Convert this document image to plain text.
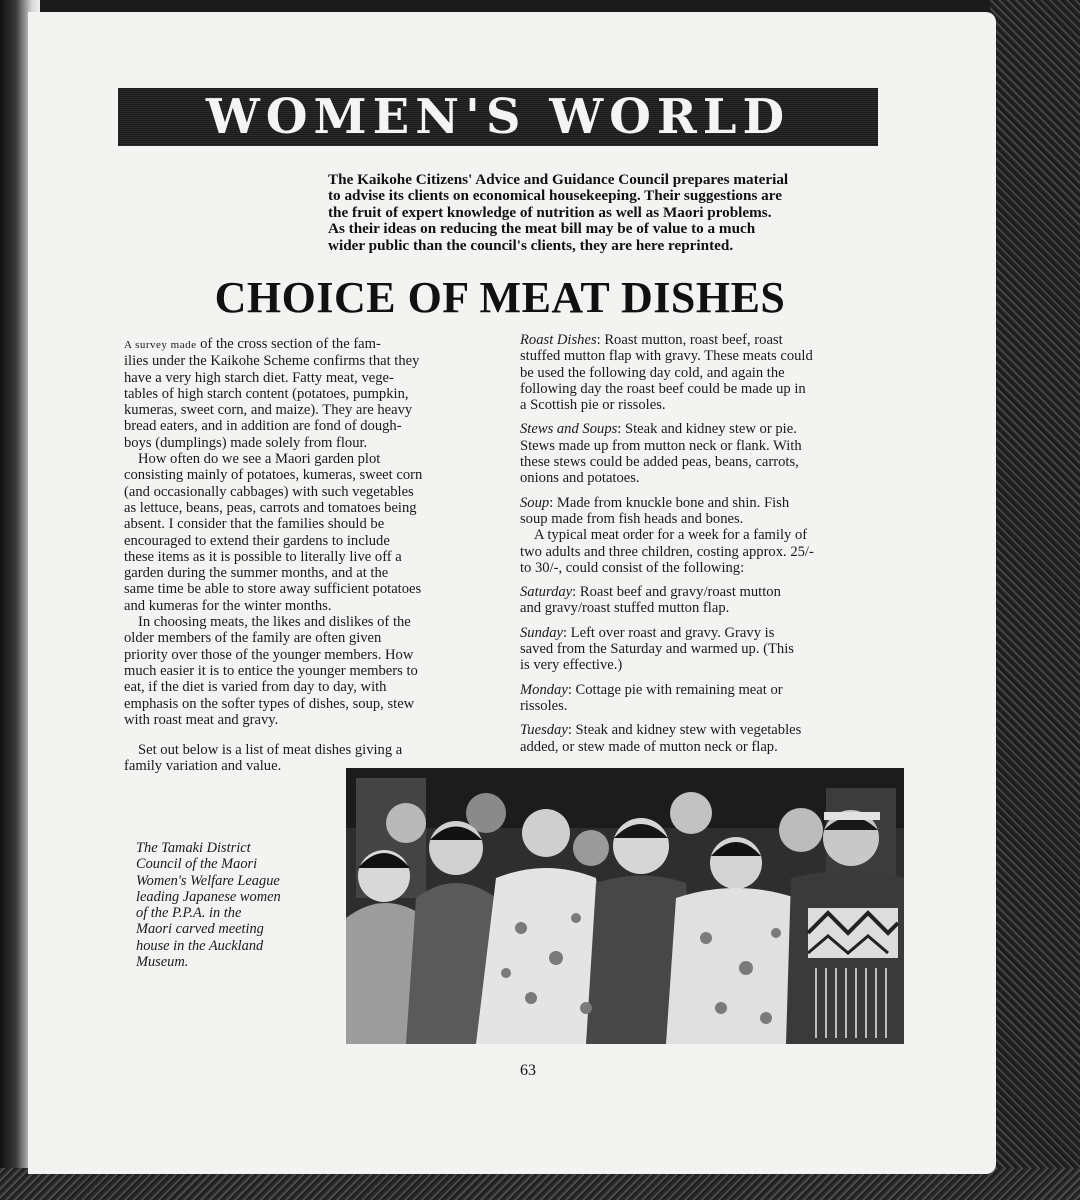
WOMEN'S WORLD
The Kaikohe Citizens' Advice and Guidance Council prepares material
to advise its clients on economical housekeeping. Their suggestions are
the fruit of expert knowledge of nutrition as well as Maori problems.
As their ideas on reducing the meat bill may be of value to a much
wider public than the council's clients, they are here reprinted.
CHOICE OF MEAT DISHES
A survey made of the cross section of the fam-
ilies under the Kaikohe Scheme confirms that they
have a very high starch diet. Fatty meat, vege-
tables of high starch content (potatoes, pumpkin,
kumeras, sweet corn, and maize). They are heavy
bread eaters, and in addition are fond of dough-
boys (dumplings) made solely from flour.
How often do we see a Maori garden plot
consisting mainly of potatoes, kumeras, sweet corn
(and occasionally cabbages) with such vegetables
as lettuce, beans, peas, carrots and tomatoes being
absent. I consider that the families should be
encouraged to extend their gardens to include
these items as it is possible to literally live off a
garden during the summer months, and at the
same time be able to store away sufficient potatoes
and kumeras for the winter months.
In choosing meats, the likes and dislikes of the
older members of the family are often given
priority over those of the younger members. How
much easier it is to entice the younger members to
eat, if the diet is varied from day to day, with
emphasis on the softer types of dishes, soup, stew
with roast meat and gravy.
Set out below is a list of meat dishes giving a
family variation and value.
Roast Dishes: Roast mutton, roast beef, roast
stuffed mutton flap with gravy. These meats could
be used the following day cold, and again the
following day the roast beef could be made up in
a Scottish pie or rissoles.
Stews and Soups: Steak and kidney stew or pie.
Stews made up from mutton neck or flank. With
these stews could be added peas, beans, carrots,
onions and potatoes.
Soup: Made from knuckle bone and shin. Fish
soup made from fish heads and bones.
A typical meat order for a week for a family of
two adults and three children, costing approx. 25/-
to 30/-, could consist of the following:
Saturday: Roast beef and gravy/roast mutton
and gravy/roast stuffed mutton flap.
Sunday: Left over roast and gravy. Gravy is
saved from the Saturday and warmed up. (This
is very effective.)
Monday: Cottage pie with remaining meat or
rissoles.
Tuesday: Steak and kidney stew with vegetables
added, or stew made of mutton neck or flap.
The Tamaki District
Council of the Maori
Women's Welfare League
leading Japanese women
of the P.P.A. in the
Maori carved meeting
house in the Auckland
Museum.
63
